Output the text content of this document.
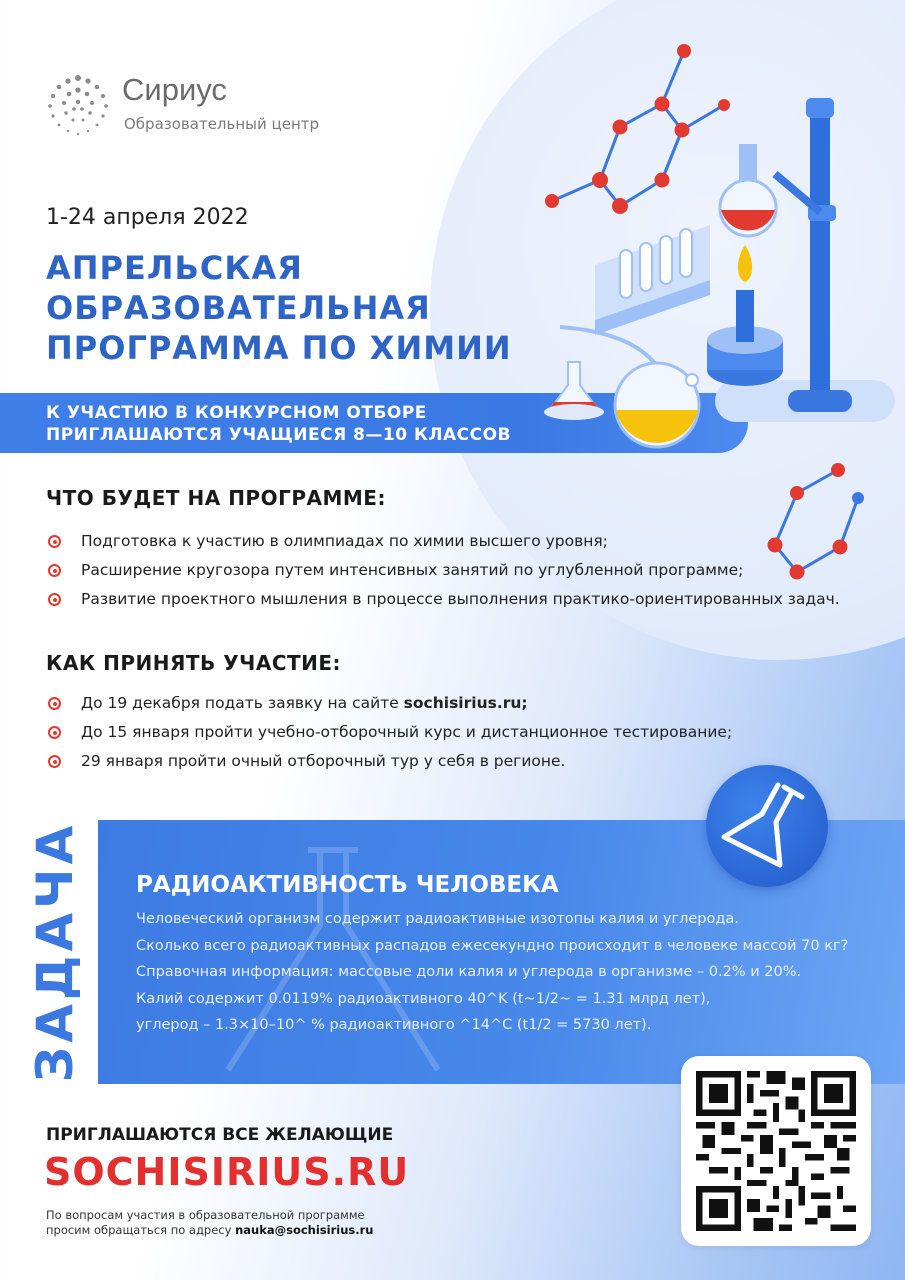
Сириус
Образовательный центр
1-24 апреля 2022
АПРЕЛЬСКАЯ
ОБРАЗОВАТЕЛЬНАЯ
ПРОГРАММА ПО ХИМИИ
К УЧАСТИЮ В КОНКУРСНОМ ОТБОРЕ
ПРИГЛАШАЮТСЯ УЧАЩИЕСЯ 8—10 КЛАССОВ
ЧТО БУДЕТ НА ПРОГРАММЕ:
Подготовка к участию в олимпиадах по химии высшего уровня;
Расширение кругозора путем интенсивных занятий по углубленной программе;
Развитие проектного мышления в процессе выполнения практико-ориентированных задач.
КАК ПРИНЯТЬ УЧАСТИЕ:
До 19 декабря подать заявку на сайте sochisirius.ru;
До 15 января пройти учебно-отборочный курс и дистанционное тестирование;
29 января пройти очный отборочный тур у себя в регионе.
ЗАДАЧА РАДИОАКТИВНОСТЬ ЧЕЛОВЕКА
Человеческий организм содержит радиоактивные изотопы калия и углерода.
Сколько всего радиоактивных распадов ежесекундно происходит в человеке массой 70 кг?
Справочная информация: массовые доли калия и углерода в организме – 0.2% и 20%.
Калий содержит 0.0119% радиоактивного 40^K (t~1/2~ = 1.31 млрд лет),
углерод – 1.3×10–10^ % радиоактивного ^14^C (t1/2 = 5730 лет).
ПРИГЛАШАЮТСЯ ВСЕ ЖЕЛАЮЩИЕ
SOCHISIRIUS.RU
По вопросам участия в образовательной программе
просим обращаться по адресу nauka@sochisirius.ru
